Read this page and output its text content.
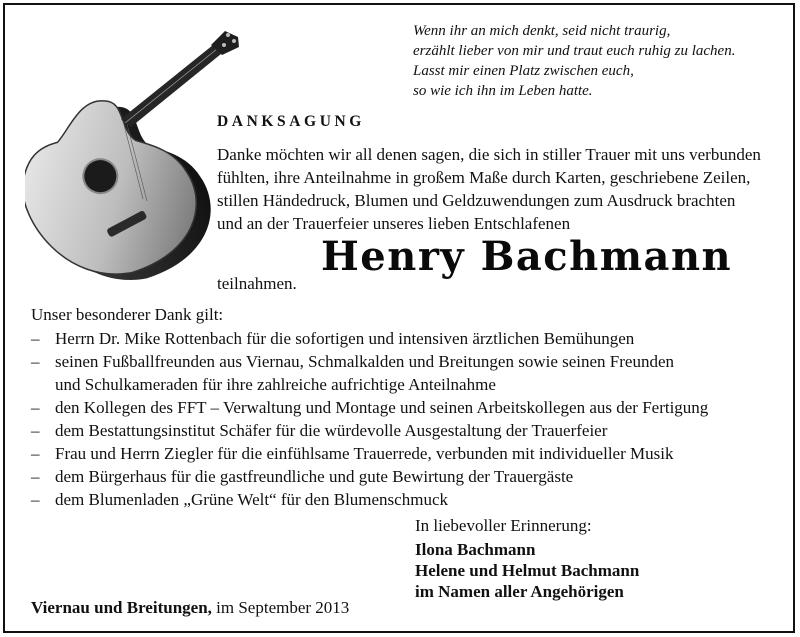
Wenn ihr an mich denkt, seid nicht traurig,
erzählt lieber von mir und traut euch ruhig zu lachen.
Lasst mir einen Platz zwischen euch,
so wie ich ihn im Leben hatte.
DANKSAGUNG
Danke möchten wir all denen sagen, die sich in stiller Trauer mit uns verbunden
fühlten, ihre Anteilnahme in großem Maße durch Karten, geschriebene Zeilen,
stillen Händedruck, Blumen und Geldzuwendungen zum Ausdruck brachten
und an der Trauerfeier unseres lieben Entschlafenen
teilnahmen.
Henry Bachmann
Unser besonderer Dank gilt:
– Herrn Dr. Mike Rottenbach für die sofortigen und intensiven ärztlichen Bemühungen
– seinen Fußballfreunden aus Viernau, Schmalkalden und Breitungen sowie seinen Freunden
und Schulkameraden für ihre zahlreiche aufrichtige Anteilnahme
– den Kollegen des FFT – Verwaltung und Montage und seinen Arbeitskollegen aus der Fertigung
– dem Bestattungsinstitut Schäfer für die würdevolle Ausgestaltung der Trauerfeier
– Frau und Herrn Ziegler für die einfühlsame Trauerrede, verbunden mit individueller Musik
– dem Bürgerhaus für die gastfreundliche und gute Bewirtung der Trauergäste
– dem Blumenladen „Grüne Welt“ für den Blumenschmuck
In liebevoller Erinnerung:
Ilona Bachmann
Helene und Helmut Bachmann
im Namen aller Angehörigen
Viernau und Breitungen, im September 2013
